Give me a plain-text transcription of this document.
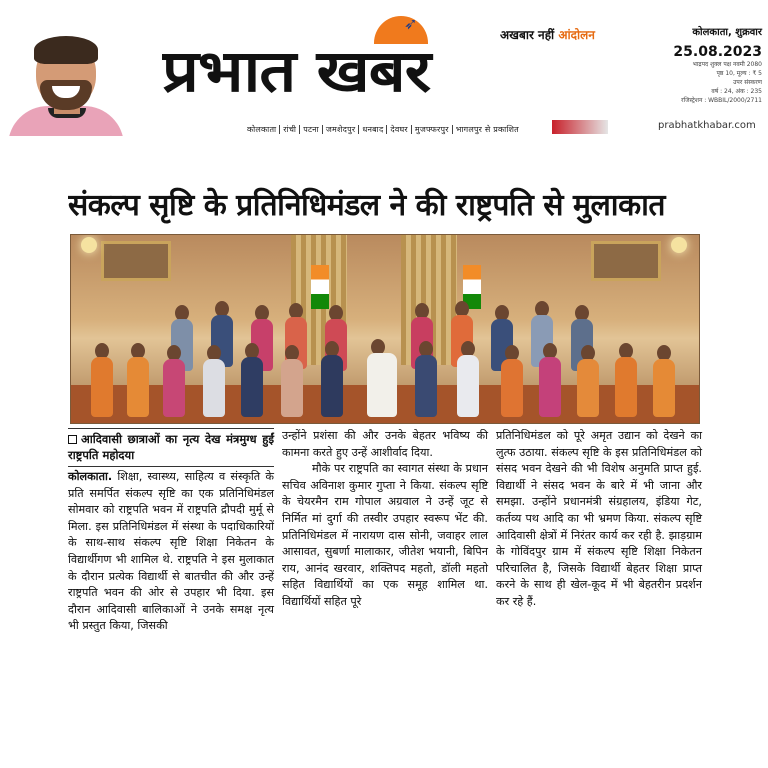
➶
अखबार नहीं आंदोलन
प्रभात खबर
कोलकाता रांची पटना जमशेदपुर धनबाद देवघर मुजफ्फरपुर भागलपुर से प्रकाशित
कोलकाता, शुक्रवार
25.08.2023
भाद्रपद शुक्ल पक्ष नवमी 2080
पृष्ठ 10, मूल्य : ₹ 5
उपर संस्करण
वर्ष : 24, अंक : 235
रजिस्ट्रेशन : WBBIL/2000/2711
prabhatkhabar.com
संकल्प सृष्टि के प्रतिनिधिमंडल ने की राष्ट्रपति से मुलाकात
आदिवासी छात्राओं का नृत्य देख मंत्रमुग्ध हुईं राष्ट्रपति महोदया
कोलकाता. शिक्षा, स्वास्थ्य, साहित्य व संस्कृति के प्रति समर्पित संकल्प सृष्टि का एक प्रतिनिधिमंडल सोमवार को राष्ट्रपति भवन में राष्ट्रपति द्रौपदी मुर्मू से मिला. इस प्रतिनिधिमंडल में संस्था के पदाधिकारियों के साथ-साथ संकल्प सृष्टि शिक्षा निकेतन के विद्यार्थीगण भी शामिल थे. राष्ट्रपति ने इस मुलाकात के दौरान प्रत्येक विद्यार्थी से बातचीत की और उन्हें राष्ट्रपति भवन की ओर से उपहार भी दिया. इस दौरान आदिवासी बालिकाओं ने उनके समक्ष नृत्य भी प्रस्तुत किया, जिसकी
उन्होंने प्रशंसा की और उनके बेहतर भविष्य की कामना करते हुए उन्हें आशीर्वाद दिया.
मौके पर राष्ट्रपति का स्वागत संस्था के प्रधान सचिव अविनाश कुमार गुप्ता ने किया. संकल्प सृष्टि के चेयरमैन राम गोपाल अग्रवाल ने उन्हें जूट से निर्मित मां दुर्गा की तस्वीर उपहार स्वरूप भेंट की. प्रतिनिधिमंडल में नारायण दास सोनी, जवाहर लाल आसावत, सुबर्णा मालाकार, जीतेश भयानी, बिपिन राय, आनंद खरवार, शक्तिपद महतो, डॉली महतो सहित विद्यार्थियों का एक समूह शामिल था. विद्यार्थियों सहित पूरे
प्रतिनिधिमंडल को पूरे अमृत उद्यान को देखने का लुत्फ उठाया. संकल्प सृष्टि के इस प्रतिनिधिमंडल को संसद भवन देखने की भी विशेष अनुमति प्राप्त हुई. विद्यार्थी ने संसद भवन के बारे में भी जाना और समझा. उन्होंने प्रधानमंत्री संग्रहालय, इंडिया गेट, कर्तव्य पथ आदि का भी भ्रमण किया. संकल्प सृष्टि आदिवासी क्षेत्रों में निरंतर कार्य कर रही है. झाड़ग्राम के गोविंदपुर ग्राम में संकल्प सृष्टि शिक्षा निकेतन परिचालित है, जिसके विद्यार्थी बेहतर शिक्षा प्राप्त करने के साथ ही खेल-कूद में भी बेहतरीन प्रदर्शन कर रहे हैं.
